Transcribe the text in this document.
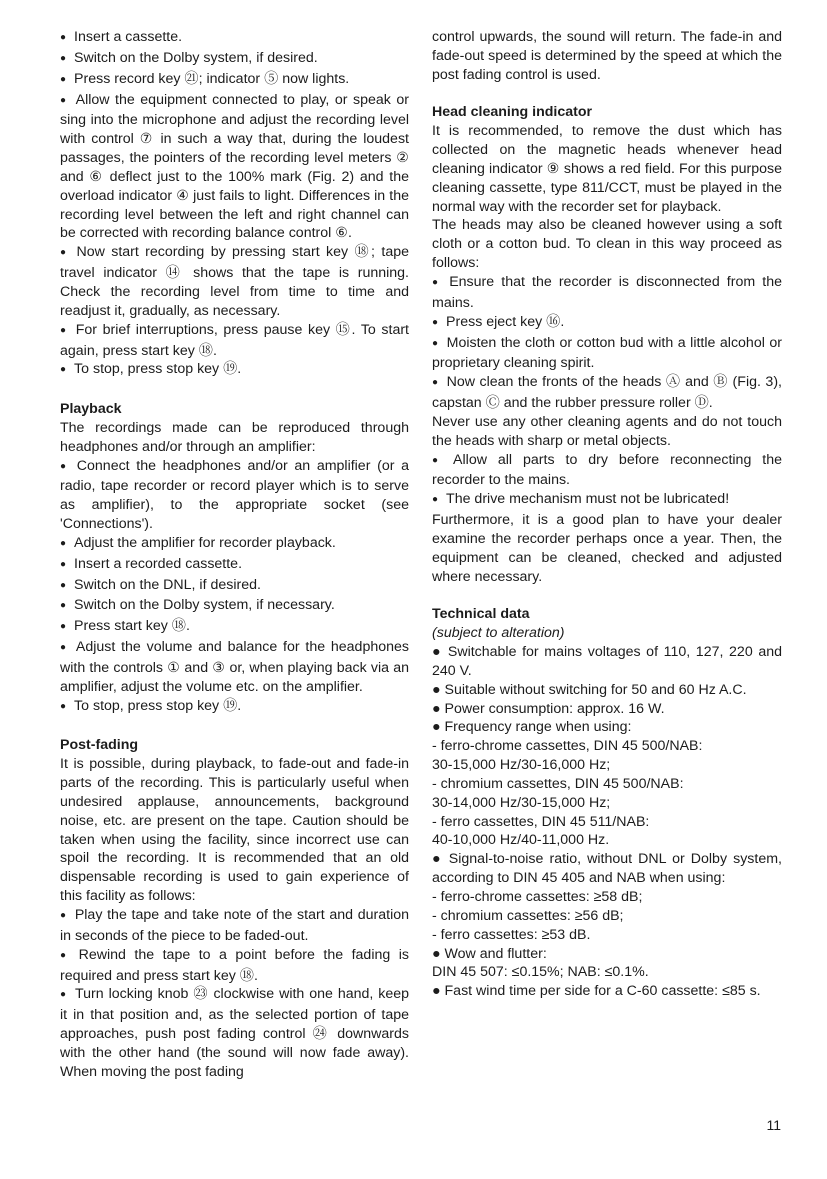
● Insert a cassette.

● Switch on the Dolby system, if desired.

● Press record key ㉑; indicator ⑤ now lights.

● Allow the equipment connected to play, or speak or sing into the microphone and adjust the recording level with control ⑦ in such a way that, during the loudest passages, the pointers of the recording level meters ② and ⑥ deflect just to the 100% mark (Fig. 2) and the overload indicator ④ just fails to light. Differences in the recording level between the left and right channel can be corrected with recording balance control ⑥.

● Now start recording by pressing start key ⑱; tape travel indicator ⑭ shows that the tape is running. Check the recording level from time to time and readjust it, gradually, as necessary.

● For brief interruptions, press pause key ⑮. To start again, press start key ⑱.

● To stop, press stop key ⑲.

Playback

The recordings made can be reproduced through headphones and/or through an amplifier:

● Connect the headphones and/or an amplifier (or a radio, tape recorder or record player which is to serve as amplifier), to the appropriate socket (see 'Connections').

● Adjust the amplifier for recorder playback.

● Insert a recorded cassette.

● Switch on the DNL, if desired.

● Switch on the Dolby system, if necessary.

● Press start key ⑱.

● Adjust the volume and balance for the headphones with the controls ① and ③ or, when playing back via an amplifier, adjust the volume etc. on the amplifier.

● To stop, press stop key ⑲.

Post-fading

It is possible, during playback, to fade-out and fade-in parts of the recording. This is particularly useful when undesired applause, announcements, background noise, etc. are present on the tape. Caution should be taken when using the facility, since incorrect use can spoil the recording. It is recommended that an old dispensable recording is used to gain experience of this facility as follows:

● Play the tape and take note of the start and duration in seconds of the piece to be faded-out.

● Rewind the tape to a point before the fading is required and press start key ⑱.

● Turn locking knob ㉓ clockwise with one hand, keep it in that position and, as the selected portion of tape approaches, push post fading control ㉔ downwards with the other hand (the sound will now fade away). When moving the post fading

control upwards, the sound will return. The fade-in and fade-out speed is determined by the speed at which the post fading control is used.

Head cleaning indicator

It is recommended, to remove the dust which has collected on the magnetic heads whenever head cleaning indicator ⑨ shows a red field. For this purpose cleaning cassette, type 811/CCT, must be played in the normal way with the recorder set for playback.

The heads may also be cleaned however using a soft cloth or a cotton bud. To clean in this way proceed as follows:

● Ensure that the recorder is disconnected from the mains.

● Press eject key ⑯.

● Moisten the cloth or cotton bud with a little alcohol or proprietary cleaning spirit.

● Now clean the fronts of the heads Ⓐ and Ⓑ (Fig. 3), capstan Ⓒ and the rubber pressure roller Ⓓ.

Never use any other cleaning agents and do not touch the heads with sharp or metal objects.

● Allow all parts to dry before reconnecting the recorder to the mains.

● The drive mechanism must not be lubricated!

Furthermore, it is a good plan to have your dealer examine the recorder perhaps once a year. Then, the equipment can be cleaned, checked and adjusted where necessary.

Technical data

(subject to alteration)

● Switchable for mains voltages of 110, 127, 220 and 240 V.

● Suitable without switching for 50 and 60 Hz A.C.

● Power consumption: approx. 16 W.

● Frequency range when using:

- ferro-chrome cassettes, DIN 45 500/NAB:

30-15,000 Hz/30-16,000 Hz;

- chromium cassettes, DIN 45 500/NAB:

30-14,000 Hz/30-15,000 Hz;

- ferro cassettes, DIN 45 511/NAB:

40-10,000 Hz/40-11,000 Hz.

● Signal-to-noise ratio, without DNL or Dolby system, according to DIN 45 405 and NAB when using:

- ferro-chrome cassettes: ≥58 dB;

- chromium cassettes: ≥56 dB;

- ferro cassettes: ≥53 dB.

● Wow and flutter:

DIN 45 507: ≤0.15%; NAB: ≤0.1%.

● Fast wind time per side for a C-60 cassette: ≤85 s.

11
